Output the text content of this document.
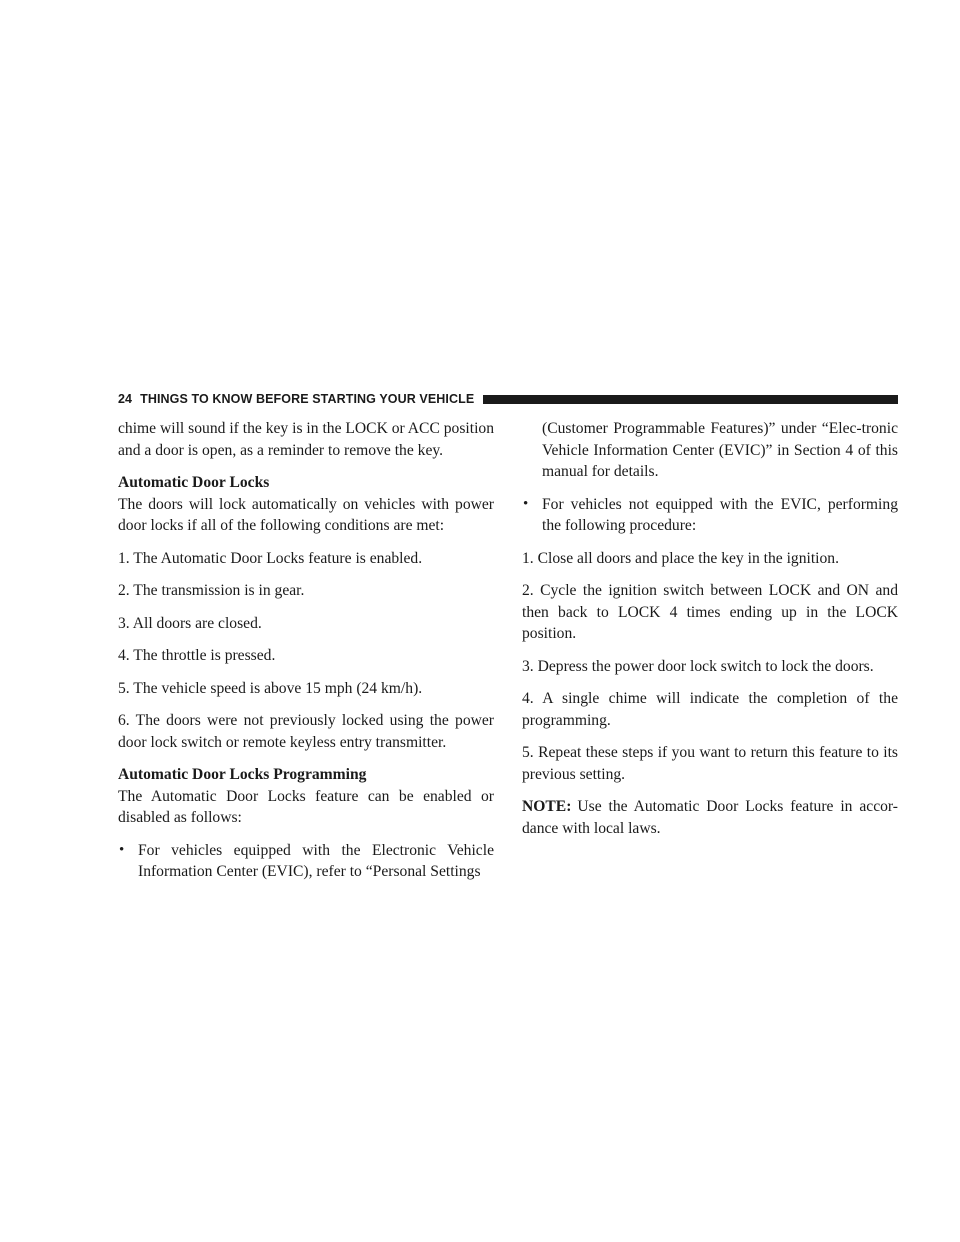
24 THINGS TO KNOW BEFORE STARTING YOUR VEHICLE

chime will sound if the key is in the LOCK or ACC position and a door is open, as a reminder to remove the key.

Automatic Door Locks

The doors will lock automatically on vehicles with power door locks if all of the following conditions are met:

1. The Automatic Door Locks feature is enabled.

2. The transmission is in gear.

3. All doors are closed.

4. The throttle is pressed.

5. The vehicle speed is above 15 mph (24 km/h).

6. The doors were not previously locked using the power door lock switch or remote keyless entry transmitter.

Automatic Door Locks Programming

The Automatic Door Locks feature can be enabled or disabled as follows:

• For vehicles equipped with the Electronic Vehicle Information Center (EVIC), refer to “Personal Settings

(Customer Programmable Features)” under “Elec-tronic Vehicle Information Center (EVIC)” in Section 4 of this manual for details.

• For vehicles not equipped with the EVIC, performing the following procedure:

1. Close all doors and place the key in the ignition.

2. Cycle the ignition switch between LOCK and ON and then back to LOCK 4 times ending up in the LOCK position.

3. Depress the power door lock switch to lock the doors.

4. A single chime will indicate the completion of the programming.

5. Repeat these steps if you want to return this feature to its previous setting.

NOTE: Use the Automatic Door Locks feature in accor-dance with local laws.
